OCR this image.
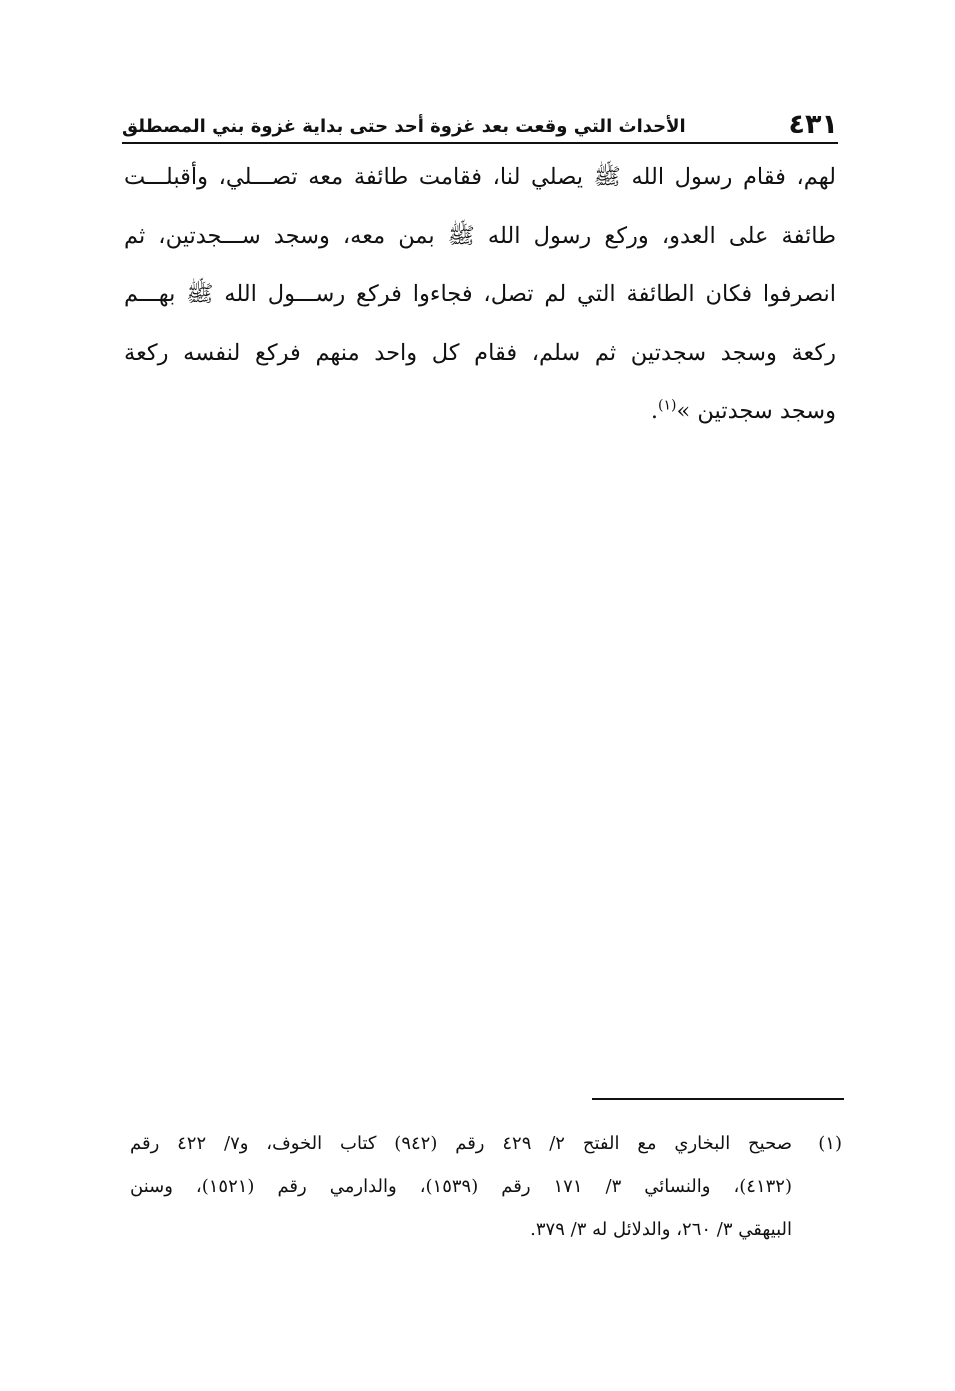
٤٣١
الأحداث التي وقعت بعد غزوة أحد حتى بداية غزوة بني المصطلق
لهم، فقام رسول الله ﷺ يصلي لنا، فقامت طائفة معه تصـــلي، وأقبلـــت
طائفة على العدو، وركع رسول الله ﷺ بمن معه، وسجد ســـجدتين، ثم
انصرفوا فكان الطائفة التي لم تصل، فجاءوا فركع رســـول الله ﷺ بهـــم
ركعة وسجد سجدتين ثم سلم، فقام كل واحد منهم فركع لنفسه ركعة
وسجد سجدتين »$^{(١)}$.
(١)
صحيح البخاري مع الفتح ٢/ ٤٢٩ رقم (٩٤٢) كتاب الخوف، و٧/ ٤٢٢ رقم
(٤١٣٢)، والنسائي ٣/ ١٧١ رقم (١٥٣٩)، والدارمي رقم (١٥٢١)، وسنن
البيهقي ٣/ ٢٦٠، والدلائل له ٣/ ٣٧٩.
